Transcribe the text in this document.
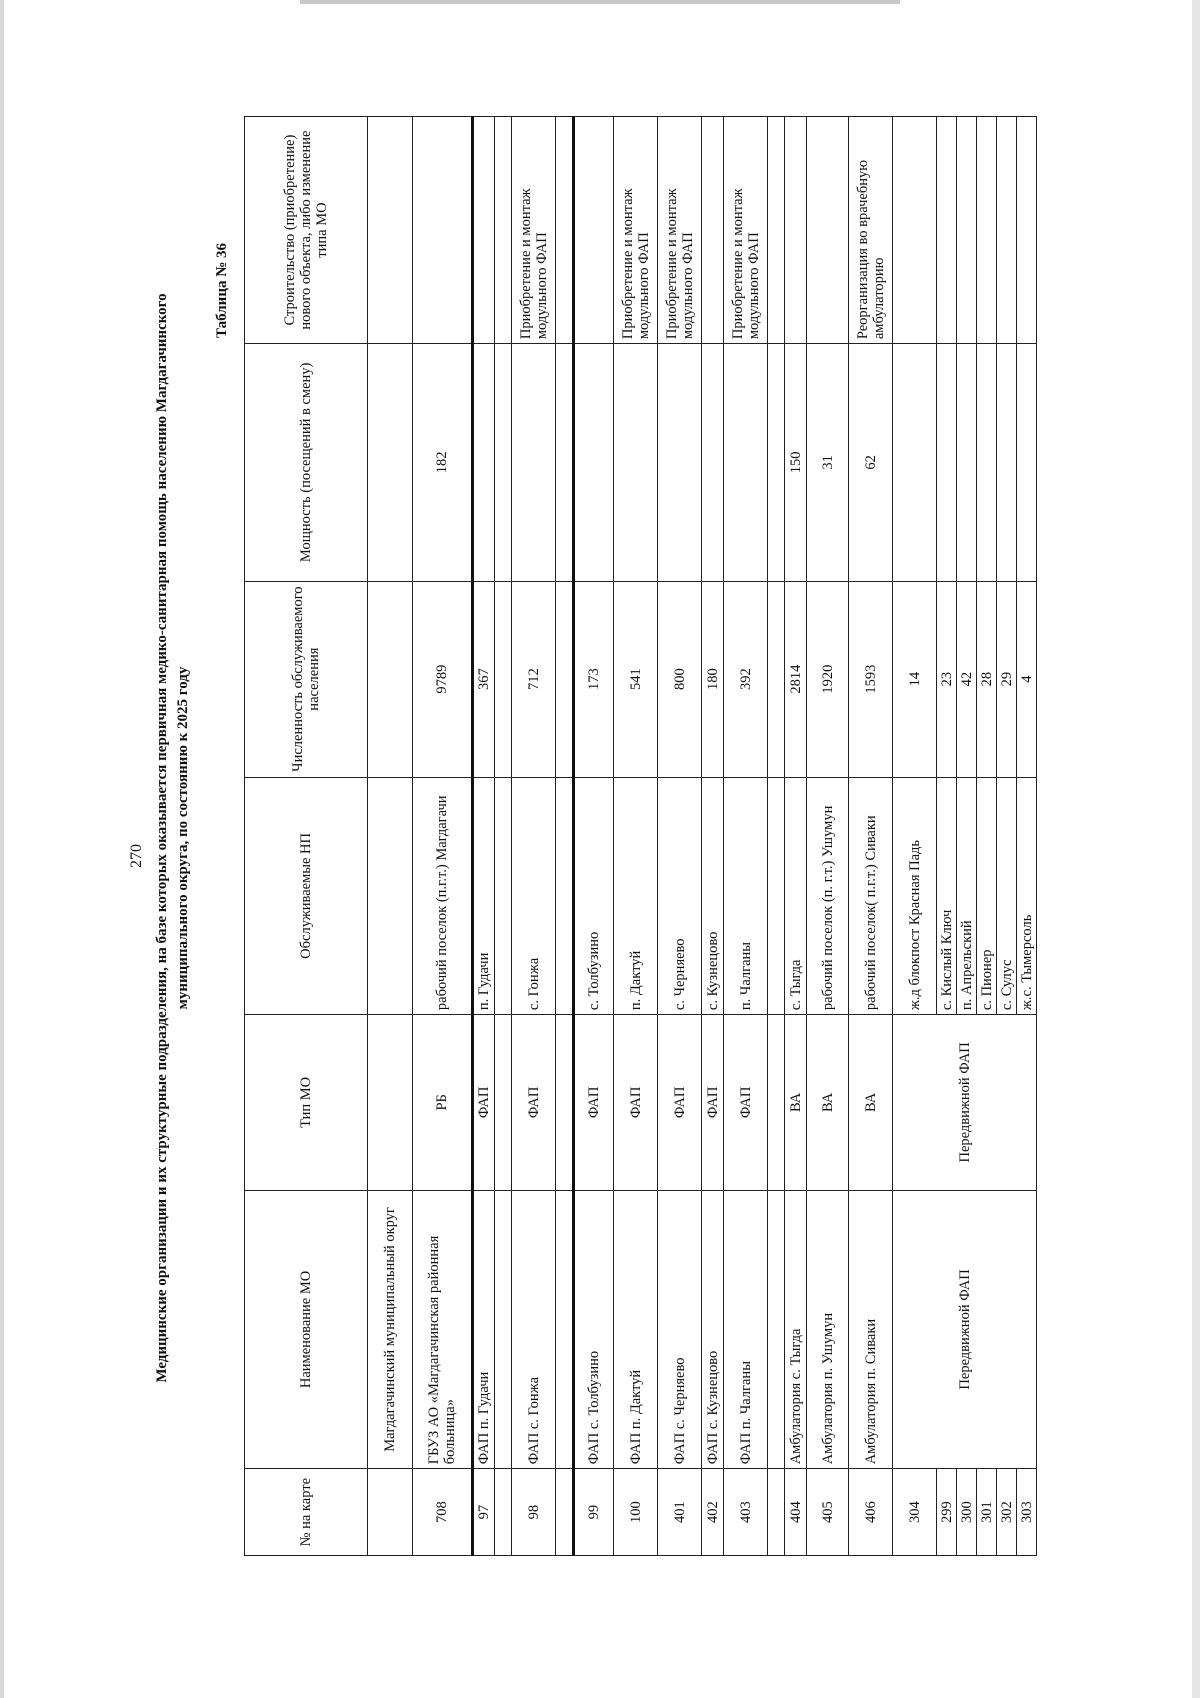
270 Медицинские организации и их структурные подразделения, на базе которых оказывается первичная медико-санитарная помощь населению Магдагачинского муниципального округа, по состоянию к 2025 году
Таблица № 36
№ на карте	Наименование МО	Тип МО	Обслуживаемые НП	Численность обслуживаемого населения	Мощность (посещений в смену)	Строительство (приобретение) нового объекта, либо изменение типа МО
	Магдагачинский муниципальный округ					
708	ГБУЗ АО «Магдагачинская районная больница»	РБ	рабочий поселок (п.г.т.) Магдагачи	9789	182	
97	ФАП п. Гудачи	ФАП	п. Гудачи	367		

98	ФАП с. Гонжа	ФАП	с. Гонжа	712		Приобретение и монтаж модульного ФАП

99	ФАП с. Толбузино	ФАП	с. Толбузино	173		
100	ФАП п. Дактуй	ФАП	п. Дактуй	541		Приобретение и монтаж модульного ФАП
401	ФАП с. Черняево	ФАП	с. Черняево	800		Приобретение и монтаж модульного ФАП
402	ФАП с. Кузнецово	ФАП	с. Кузнецово	180		
403	ФАП п. Чалганы	ФАП	п. Чалганы	392		Приобретение и монтаж модульного ФАП

404	Амбулатория с. Тыгда	ВА	с. Тыгда	2814	150	
405	Амбулатория п. Ушумун	ВА	рабочий поселок (п. г.т.) Ушумун	1920	31	
406	Амбулатория п. Сиваки	ВА	рабочий поселок( п.г.т.) Сиваки	1593	62	Реорганизация во врачебную амбулаторию
304	Передвижной ФАП	Передвижной ФАП	ж.д блокпост Красная Падь	14		
299			с. Кислый Ключ	23		
300			п. Апрельский	42		
301			с. Пионер	28		
302			с. Сулус	29		
303			ж.с. Тымерсоль	4		
